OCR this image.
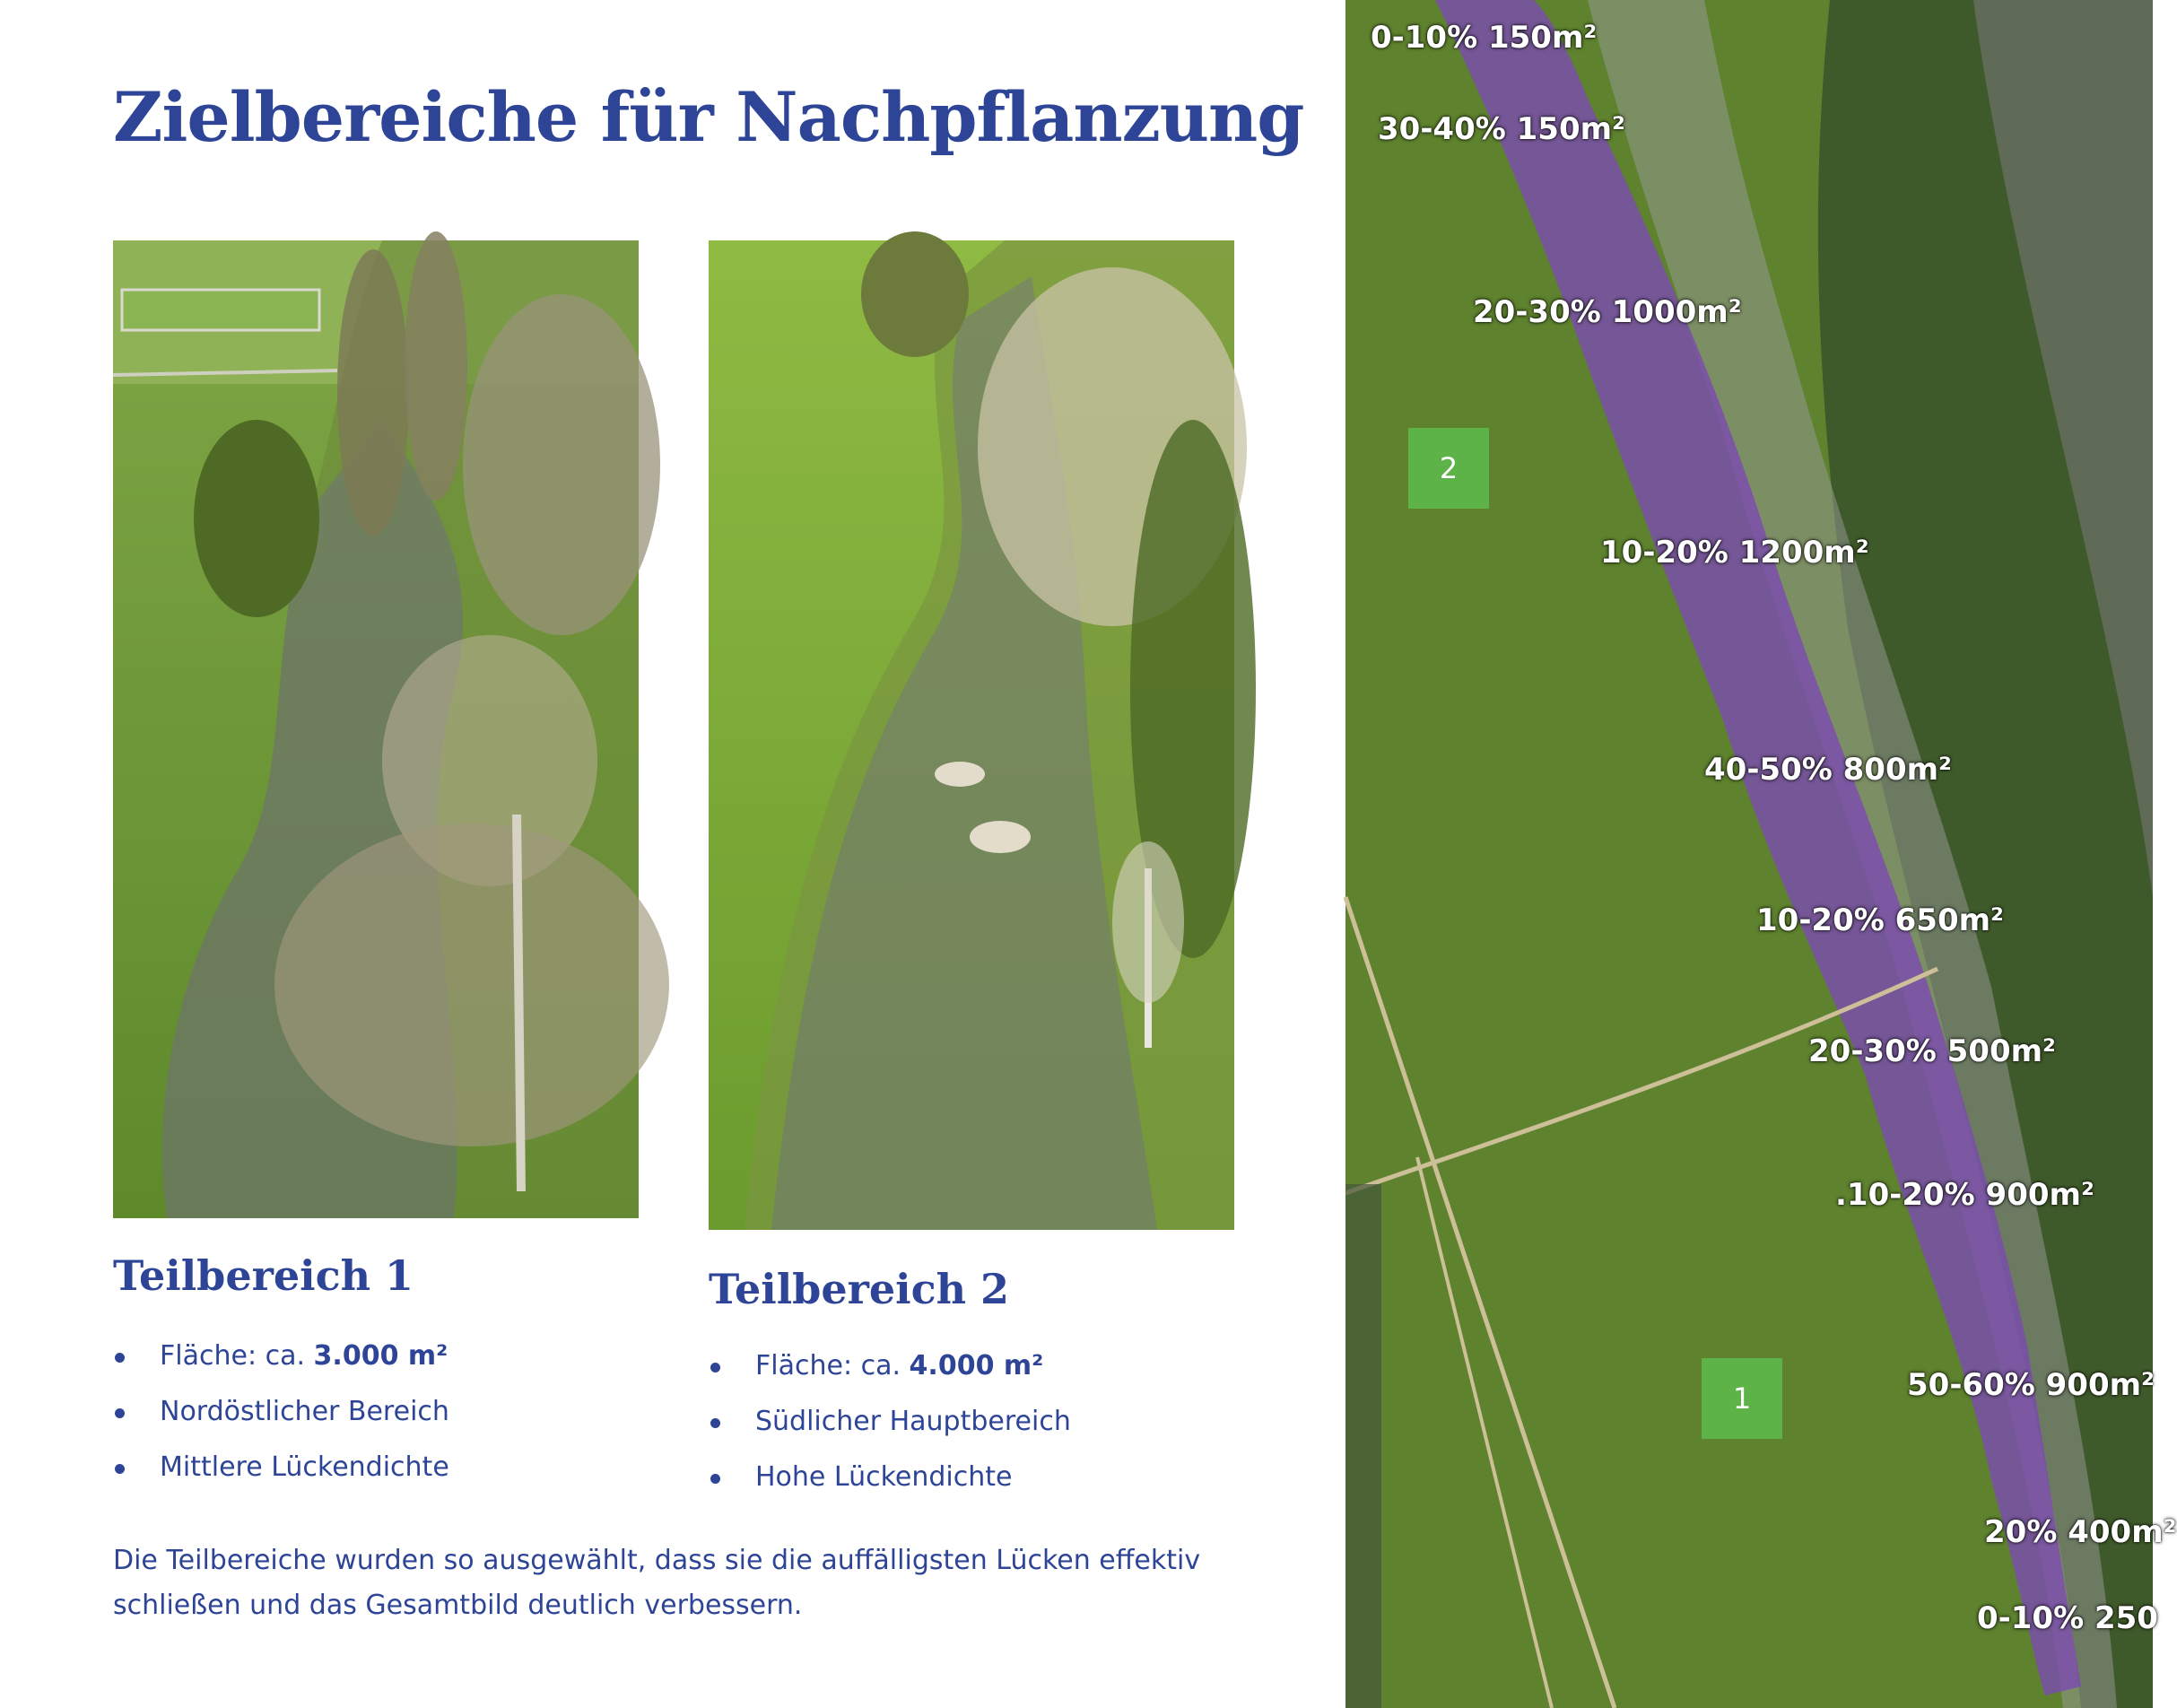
Zielbereiche für Nachpflanzung
Teilbereich 1
Fläche: ca. 3.000 m²
Nordöstlicher Bereich
Mittlere Lückendichte
Teilbereich 2
Fläche: ca. 4.000 m²
Südlicher Hauptbereich
Hohe Lückendichte

Die Teilbereiche wurden so ausgewählt, dass sie die auffälligsten Lücken effektiv schließen und das Gesamtbild deutlich verbessern.

0-10% 150m²
30-40% 150m²
20-30% 1000m²
10-20% 1200m²
40-50% 800m²
10-20% 650m²
20-30% 500m²
.10-20% 900m²
50-60% 900m²
20% 400m²
0-10% 250
2
1
